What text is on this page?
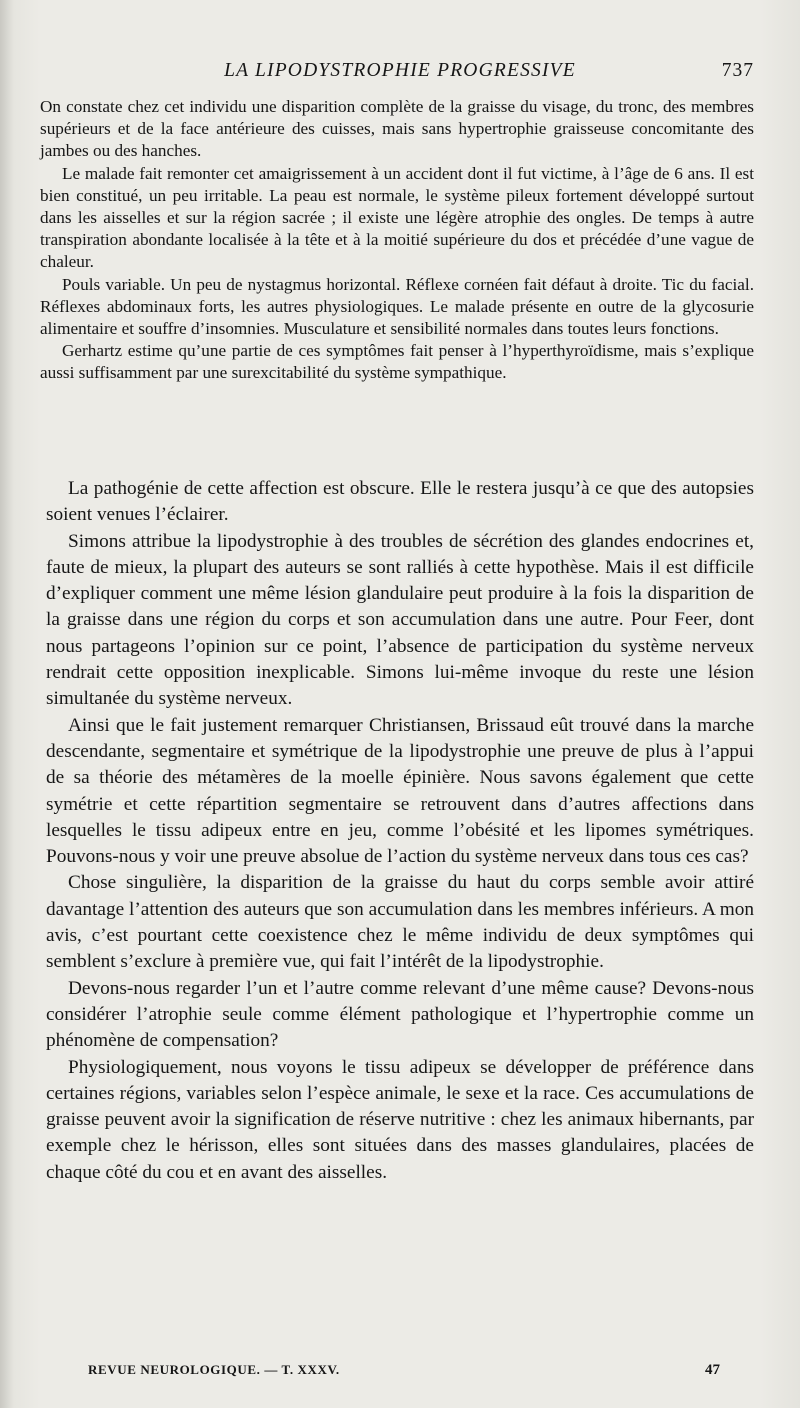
LA LIPODYSTROPHIE PROGRESSIVE	737

On constate chez cet individu une disparition complète de la graisse du visage, du tronc, des membres supérieurs et de la face antérieure des cuisses, mais sans hypertrophie graisseuse concomitante des jambes ou des hanches.

Le malade fait remonter cet amaigrissement à un accident dont il fut victime, à l’âge de 6 ans. Il est bien constitué, un peu irritable. La peau est normale, le système pileux fortement développé surtout dans les aisselles et sur la région sacrée ; il existe une légère atrophie des ongles. De temps à autre transpiration abondante localisée à la tête et à la moitié supérieure du dos et précédée d’une vague de chaleur.

Pouls variable. Un peu de nystagmus horizontal. Réflexe cornéen fait défaut à droite. Tic du facial. Réflexes abdominaux forts, les autres physiologiques. Le malade présente en outre de la glycosurie alimentaire et souffre d’insomnies. Musculature et sensibilité normales dans toutes leurs fonctions.

Gerhartz estime qu’une partie de ces symptômes fait penser à l’hyperthyroïdisme, mais s’explique aussi suffisamment par une surexcitabilité du système sympathique.

La pathogénie de cette affection est obscure. Elle le restera jusqu’à ce que des autopsies soient venues l’éclairer.

Simons attribue la lipodystrophie à des troubles de sécrétion des glandes endocrines et, faute de mieux, la plupart des auteurs se sont ralliés à cette hypothèse. Mais il est difficile d’expliquer comment une même lésion glandulaire peut produire à la fois la disparition de la graisse dans une région du corps et son accumulation dans une autre. Pour Feer, dont nous partageons l’opinion sur ce point, l’absence de participation du système nerveux rendrait cette opposition inexplicable. Simons lui-même invoque du reste une lésion simultanée du système nerveux.

Ainsi que le fait justement remarquer Christiansen, Brissaud eût trouvé dans la marche descendante, segmentaire et symétrique de la lipodystrophie une preuve de plus à l’appui de sa théorie des métamères de la moelle épinière. Nous savons également que cette symétrie et cette répartition segmentaire se retrouvent dans d’autres affections dans lesquelles le tissu adipeux entre en jeu, comme l’obésité et les lipomes symétriques. Pouvons-nous y voir une preuve absolue de l’action du système nerveux dans tous ces cas?

Chose singulière, la disparition de la graisse du haut du corps semble avoir attiré davantage l’attention des auteurs que son accumulation dans les membres inférieurs. A mon avis, c’est pourtant cette coexistence chez le même individu de deux symptômes qui semblent s’exclure à première vue, qui fait l’intérêt de la lipodystrophie.

Devons-nous regarder l’un et l’autre comme relevant d’une même cause? Devons-nous considérer l’atrophie seule comme élément pathologique et l’hypertrophie comme un phénomène de compensation?

Physiologiquement, nous voyons le tissu adipeux se développer de préférence dans certaines régions, variables selon l’espèce animale, le sexe et la race. Ces accumulations de graisse peuvent avoir la signification de réserve nutritive : chez les animaux hibernants, par exemple chez le hérisson, elles sont situées dans des masses glandulaires, placées de chaque côté du cou et en avant des aisselles.

REVUE NEUROLOGIQUE. — T. XXXV.	47
